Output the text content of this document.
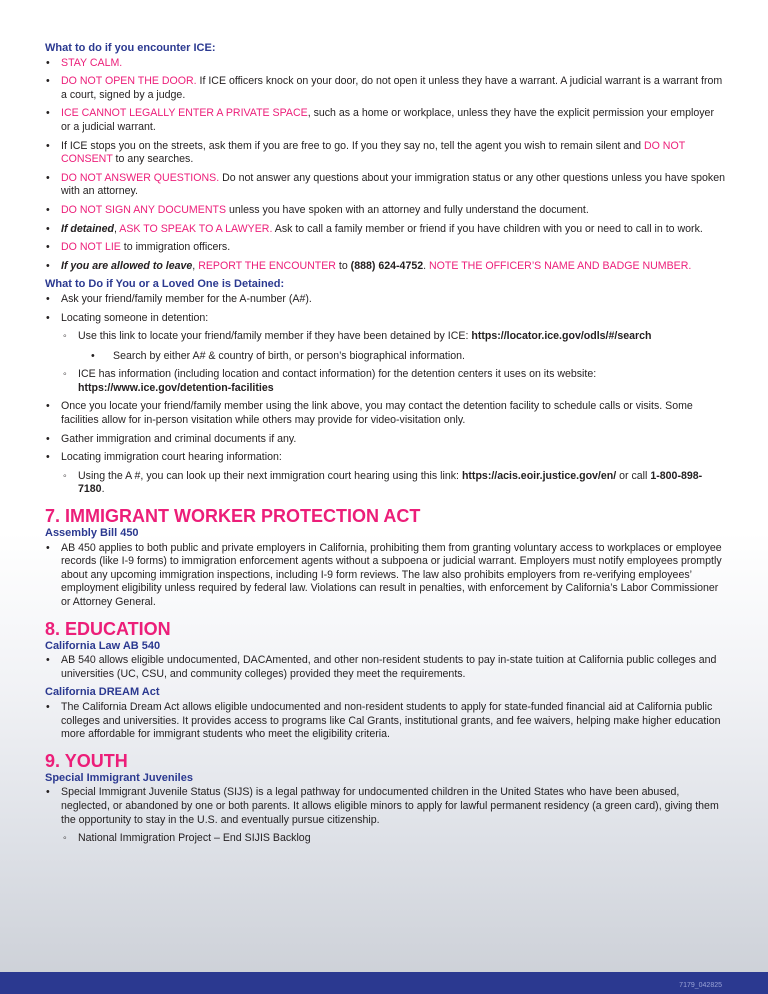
What to do if you encounter ICE:
• STAY CALM.
• DO NOT OPEN THE DOOR. If ICE officers knock on your door, do not open it unless they have a warrant. A judicial warrant is a warrant from a court, signed by a judge.
• ICE CANNOT LEGALLY ENTER A PRIVATE SPACE, such as a home or workplace, unless they have the explicit permission your employer or a judicial warrant.
• If ICE stops you on the streets, ask them if you are free to go. If you they say no, tell the agent you wish to remain silent and DO NOT CONSENT to any searches.
• DO NOT ANSWER QUESTIONS. Do not answer any questions about your immigration status or any other questions unless you have spoken with an attorney.
• DO NOT SIGN ANY DOCUMENTS unless you have spoken with an attorney and fully understand the document.
• If detained, ASK TO SPEAK TO A LAWYER. Ask to call a family member or friend if you have children with you or need to call in to work.
• DO NOT LIE to immigration officers.
• If you are allowed to leave, REPORT THE ENCOUNTER to (888) 624-4752. NOTE THE OFFICER’S NAME AND BADGE NUMBER.
What to Do if You or a Loved One is Detained:
• Ask your friend/family member for the A-number (A#).
• Locating someone in detention:
◦ Use this link to locate your friend/family member if they have been detained by ICE: https://locator.ice.gov/odls/#/search
• Search by either A# & country of birth, or person’s biographical information.
◦ ICE has information (including location and contact information) for the detention centers it uses on its website: https://www.ice.gov/detention-facilities
• Once you locate your friend/family member using the link above, you may contact the detention facility to schedule calls or visits. Some facilities allow for in-person visitation while others may provide for video-visitation only.
• Gather immigration and criminal documents if any.
• Locating immigration court hearing information:
◦ Using the A #, you can look up their next immigration court hearing using this link: https://acis.eoir.justice.gov/en/ or call 1-800-898-7180.
7. IMMIGRANT WORKER PROTECTION ACT
Assembly Bill 450
• AB 450 applies to both public and private employers in California, prohibiting them from granting voluntary access to workplaces or employee records (like I-9 forms) to immigration enforcement agents without a subpoena or judicial warrant. Employers must notify employees promptly about any upcoming immigration inspections, including I-9 form reviews. The law also prohibits employers from re-verifying employees’ employment eligibility unless required by federal law. Violations can result in penalties, with enforcement by California’s Labor Commissioner or Attorney General.
8. EDUCATION
California Law AB 540
• AB 540 allows eligible undocumented, DACAmented, and other non-resident students to pay in-state tuition at California public colleges and universities (UC, CSU, and community colleges) provided they meet the requirements.
California DREAM Act
• The California Dream Act allows eligible undocumented and non-resident students to apply for state-funded financial aid at California public colleges and universities. It provides access to programs like Cal Grants, institutional grants, and fee waivers, helping make higher education more affordable for immigrant students who meet the eligibility criteria.
9. YOUTH
Special Immigrant Juveniles
• Special Immigrant Juvenile Status (SIJS) is a legal pathway for undocumented children in the United States who have been abused, neglected, or abandoned by one or both parents. It allows eligible minors to apply for lawful permanent residency (a green card), giving them the opportunity to stay in the U.S. and eventually pursue citizenship.
◦ National Immigration Project – End SIJIS Backlog
7179_042825
